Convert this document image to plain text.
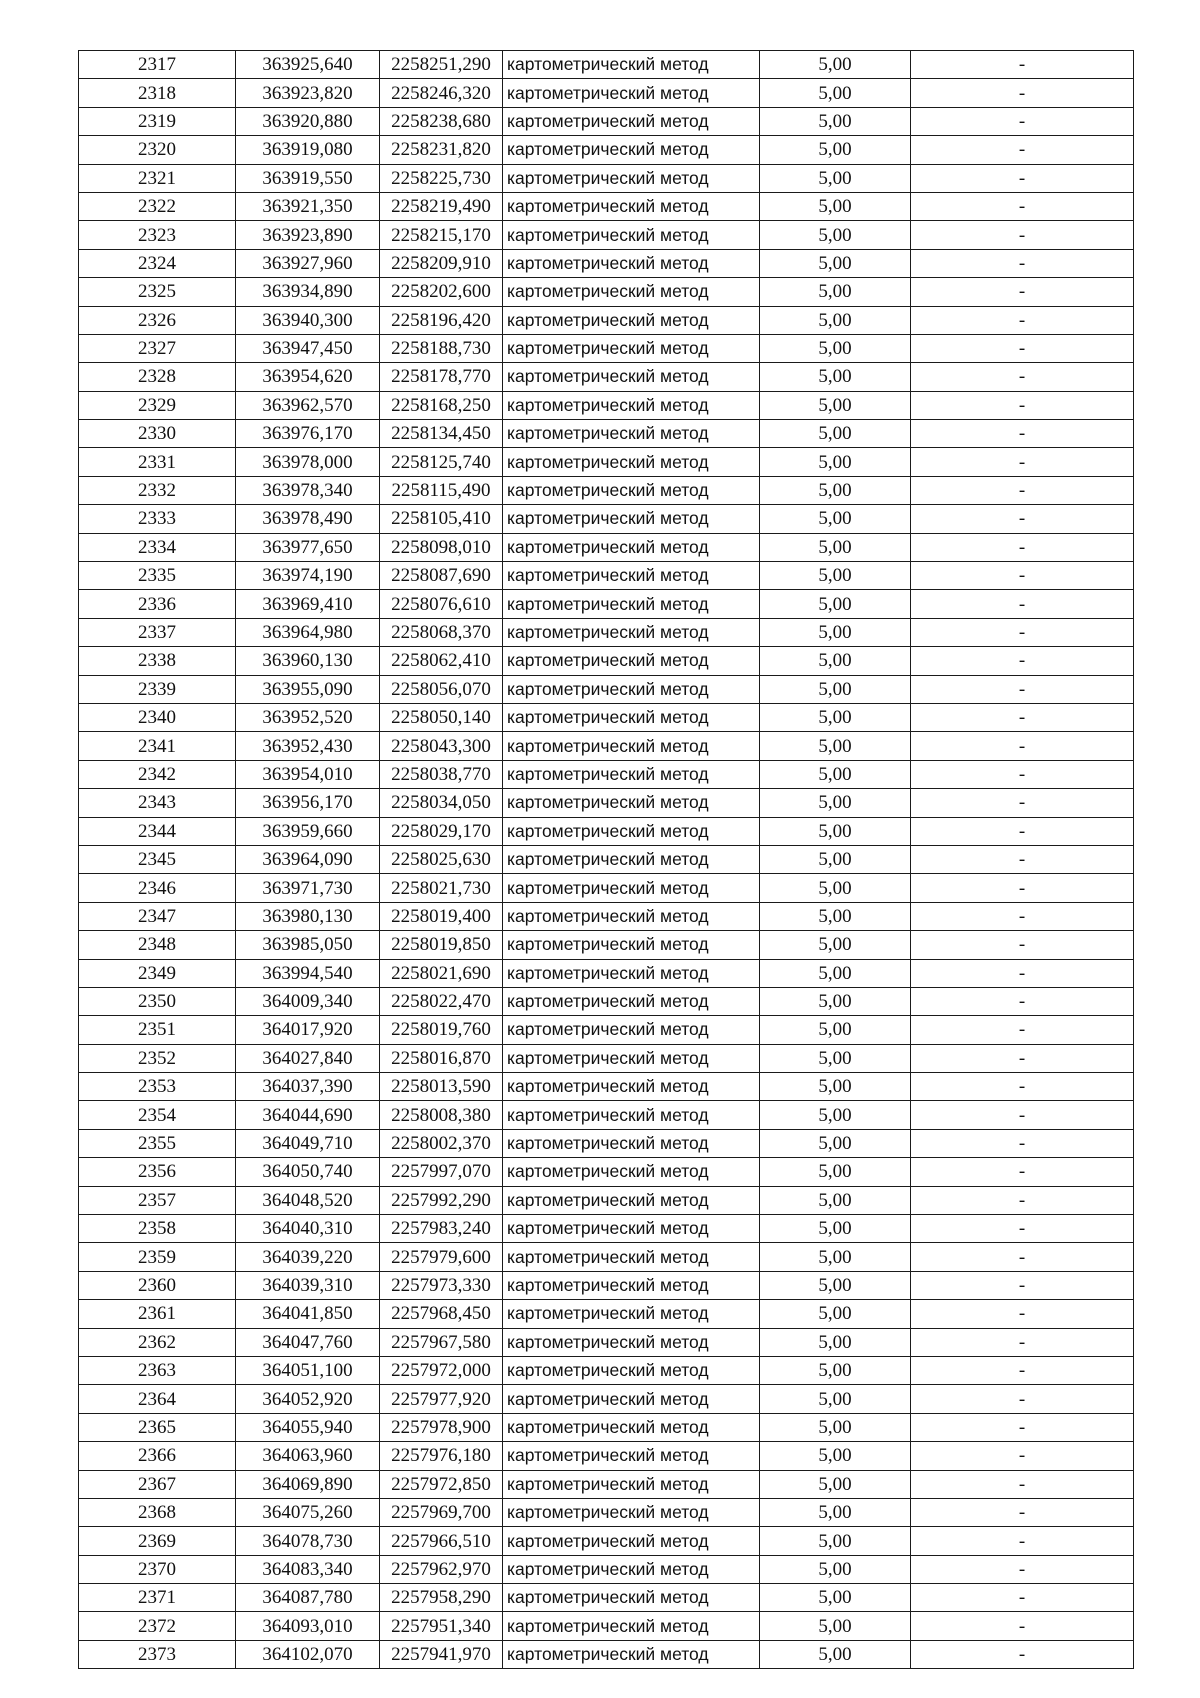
2317	363925,640	2258251,290	картометрический метод	5,00	-
2318	363923,820	2258246,320	картометрический метод	5,00	-
2319	363920,880	2258238,680	картометрический метод	5,00	-
2320	363919,080	2258231,820	картометрический метод	5,00	-
2321	363919,550	2258225,730	картометрический метод	5,00	-
2322	363921,350	2258219,490	картометрический метод	5,00	-
2323	363923,890	2258215,170	картометрический метод	5,00	-
2324	363927,960	2258209,910	картометрический метод	5,00	-
2325	363934,890	2258202,600	картометрический метод	5,00	-
2326	363940,300	2258196,420	картометрический метод	5,00	-
2327	363947,450	2258188,730	картометрический метод	5,00	-
2328	363954,620	2258178,770	картометрический метод	5,00	-
2329	363962,570	2258168,250	картометрический метод	5,00	-
2330	363976,170	2258134,450	картометрический метод	5,00	-
2331	363978,000	2258125,740	картометрический метод	5,00	-
2332	363978,340	2258115,490	картометрический метод	5,00	-
2333	363978,490	2258105,410	картометрический метод	5,00	-
2334	363977,650	2258098,010	картометрический метод	5,00	-
2335	363974,190	2258087,690	картометрический метод	5,00	-
2336	363969,410	2258076,610	картометрический метод	5,00	-
2337	363964,980	2258068,370	картометрический метод	5,00	-
2338	363960,130	2258062,410	картометрический метод	5,00	-
2339	363955,090	2258056,070	картометрический метод	5,00	-
2340	363952,520	2258050,140	картометрический метод	5,00	-
2341	363952,430	2258043,300	картометрический метод	5,00	-
2342	363954,010	2258038,770	картометрический метод	5,00	-
2343	363956,170	2258034,050	картометрический метод	5,00	-
2344	363959,660	2258029,170	картометрический метод	5,00	-
2345	363964,090	2258025,630	картометрический метод	5,00	-
2346	363971,730	2258021,730	картометрический метод	5,00	-
2347	363980,130	2258019,400	картометрический метод	5,00	-
2348	363985,050	2258019,850	картометрический метод	5,00	-
2349	363994,540	2258021,690	картометрический метод	5,00	-
2350	364009,340	2258022,470	картометрический метод	5,00	-
2351	364017,920	2258019,760	картометрический метод	5,00	-
2352	364027,840	2258016,870	картометрический метод	5,00	-
2353	364037,390	2258013,590	картометрический метод	5,00	-
2354	364044,690	2258008,380	картометрический метод	5,00	-
2355	364049,710	2258002,370	картометрический метод	5,00	-
2356	364050,740	2257997,070	картометрический метод	5,00	-
2357	364048,520	2257992,290	картометрический метод	5,00	-
2358	364040,310	2257983,240	картометрический метод	5,00	-
2359	364039,220	2257979,600	картометрический метод	5,00	-
2360	364039,310	2257973,330	картометрический метод	5,00	-
2361	364041,850	2257968,450	картометрический метод	5,00	-
2362	364047,760	2257967,580	картометрический метод	5,00	-
2363	364051,100	2257972,000	картометрический метод	5,00	-
2364	364052,920	2257977,920	картометрический метод	5,00	-
2365	364055,940	2257978,900	картометрический метод	5,00	-
2366	364063,960	2257976,180	картометрический метод	5,00	-
2367	364069,890	2257972,850	картометрический метод	5,00	-
2368	364075,260	2257969,700	картометрический метод	5,00	-
2369	364078,730	2257966,510	картометрический метод	5,00	-
2370	364083,340	2257962,970	картометрический метод	5,00	-
2371	364087,780	2257958,290	картометрический метод	5,00	-
2372	364093,010	2257951,340	картометрический метод	5,00	-
2373	364102,070	2257941,970	картометрический метод	5,00	-
